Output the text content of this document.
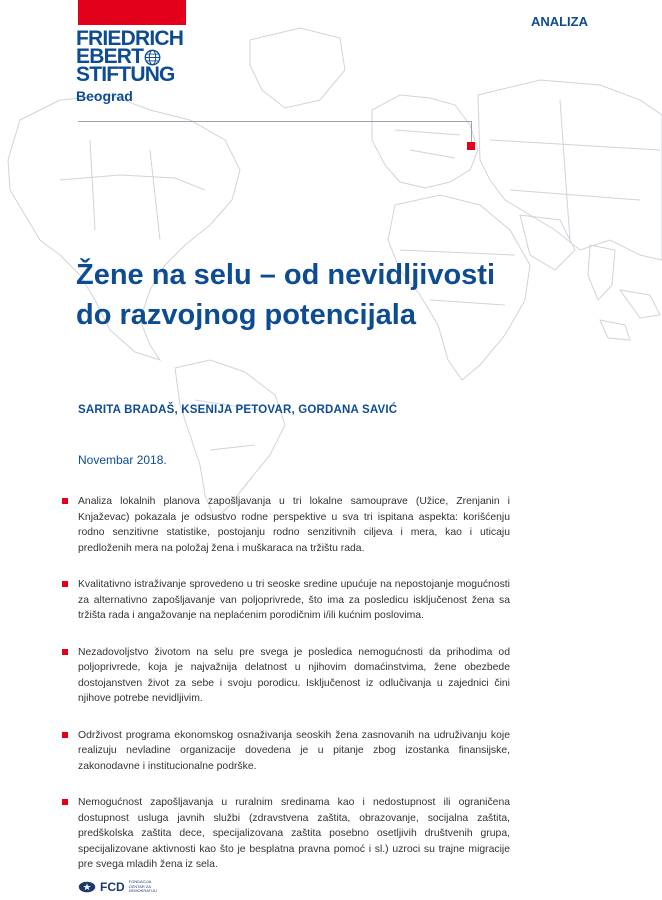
FRIEDRICH
EBERT
STIFTUNG
Beograd
ANALIZA
Žene na selu – od nevidljivosti
do razvojnog potencijala
SARITA BRADAŠ, KSENIJA PETOVAR, GORDANA SAVIĆ
Novembar 2018.
Analiza lokalnih planova zapošljavanja u tri lokalne samouprave (Užice, Zrenjanin i Knjaževac) pokazala je odsustvo rodne perspektive u sva tri ispitana aspekta: korišćenju rodno senzitivne statistike, postojanju rodno senzitivnih ciljeva i mera, kao i uticaju predloženih mera na položaj žena i muškaraca na tržištu rada.
Kvalitativno istraživanje sprovedeno u tri seoske sredine upućuje na nepostojanje mogućnosti za alternativno zapošljavanje van poljoprivrede, što ima za posledicu isključenost žena sa tržišta rada i angažovanje na neplaćenim porodičnim i/ili kućnim poslovima.
Nezadovoljstvo životom na selu pre svega je posledica nemogućnosti da prihodima od poljoprivrede, koja je najvažnija delatnost u njihovim domaćinstvima, žene obezbede dostojanstven život za sebe i svoju porodicu. Isključenost iz odlučivanja u zajednici čini njihove potrebe nevidljivim.
Održivost programa ekonomskog osnaživanja seoskih žena zasnovanih na udruživanju koje realizuju nevladine organizacije dovedena je u pitanje zbog izostanka finansijske, zakonodavne i institucionalne podrške.
Nemogućnost zapošljavanja u ruralnim sredinama kao i nedostupnost ili ograničena dostupnost usluga javnih službi (zdravstvena zaštita, obrazovanje, socijalna zaštita, predškolska zaštita dece, specijalizovana zaštita posebno osetljivih društvenih grupa, specijalizovane aktivnosti kao što je besplatna pravna pomoć i sl.) uzroci su trajne migracije pre svega mladih žena iz sela.
FCD FONDACIJA CENTAR ZA DEMOKRATIJU
